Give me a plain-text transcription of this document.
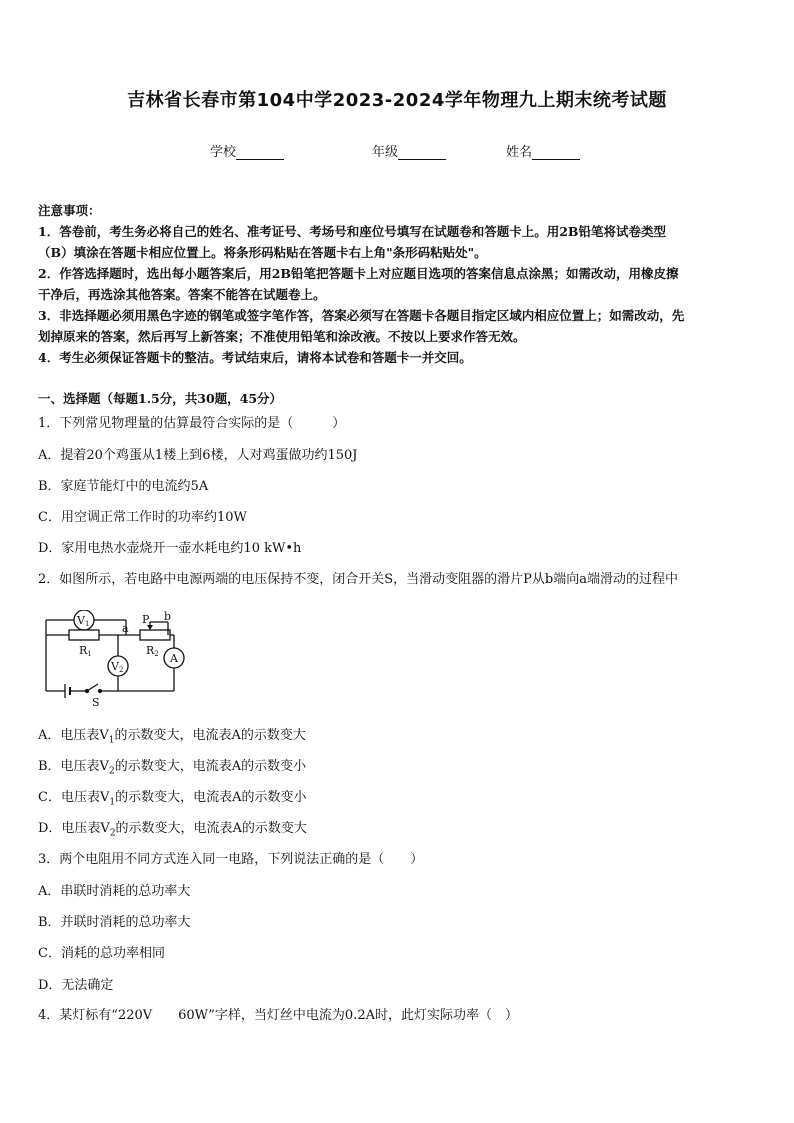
吉林省长春市第104中学2023-2024学年物理九上期末统考试题
学校	年级	姓名

注意事项：

1．答卷前，考生务必将自己的姓名、准考证号、考场号和座位号填写在试题卷和答题卡上。用2B铅笔将试卷类型

（B）填涂在答题卡相应位置上。将条形码粘贴在答题卡右上角"条形码粘贴处"。

2．作答选择题时，选出每小题答案后，用2B铅笔把答题卡上对应题目选项的答案信息点涂黑；如需改动，用橡皮擦

干净后，再选涂其他答案。答案不能答在试题卷上。

3．非选择题必须用黑色字迹的钢笔或签字笔作答，答案必须写在答题卡各题目指定区域内相应位置上；如需改动，先

划掉原来的答案，然后再写上新答案；不准使用铅笔和涂改液。不按以上要求作答无效。

4．考生必须保证答题卡的整洁。考试结束后，请将本试卷和答题卡一并交回。

一、选择题（每题1.5分，共30题，45分）
1．下列常见物理量的估算最符合实际的是（　　　）
A．提着20个鸡蛋从1楼上到6楼，人对鸡蛋做功约150J
B．家庭节能灯中的电流约5A
C．用空调正常工作时的功率约10W
D．家用电热水壶烧开一壶水耗电约10 kW•h
2．如图所示，若电路中电源两端的电压保持不变，闭合开关S，当滑动变阻器的滑片P从b端向a端滑动的过程中
V1
R1	R2
V2
a
b
P
A
S
A．电压表$V_1$的示数变大，电流表A的示数变大
B．电压表$V_2$的示数变大，电流表A的示数变小
C．电压表$V_1$的示数变大，电流表A的示数变小
D．电压表$V_2$的示数变大，电流表A的示数变大
3．两个电阻用不同方式连入同一电路，下列说法正确的是（　　）
A．串联时消耗的总功率大
B．并联时消耗的总功率大
C．消耗的总功率相同
D．无法确定
4．某灯标有“220V　　60W”字样，当灯丝中电流为0.2A时，此灯实际功率（　）
